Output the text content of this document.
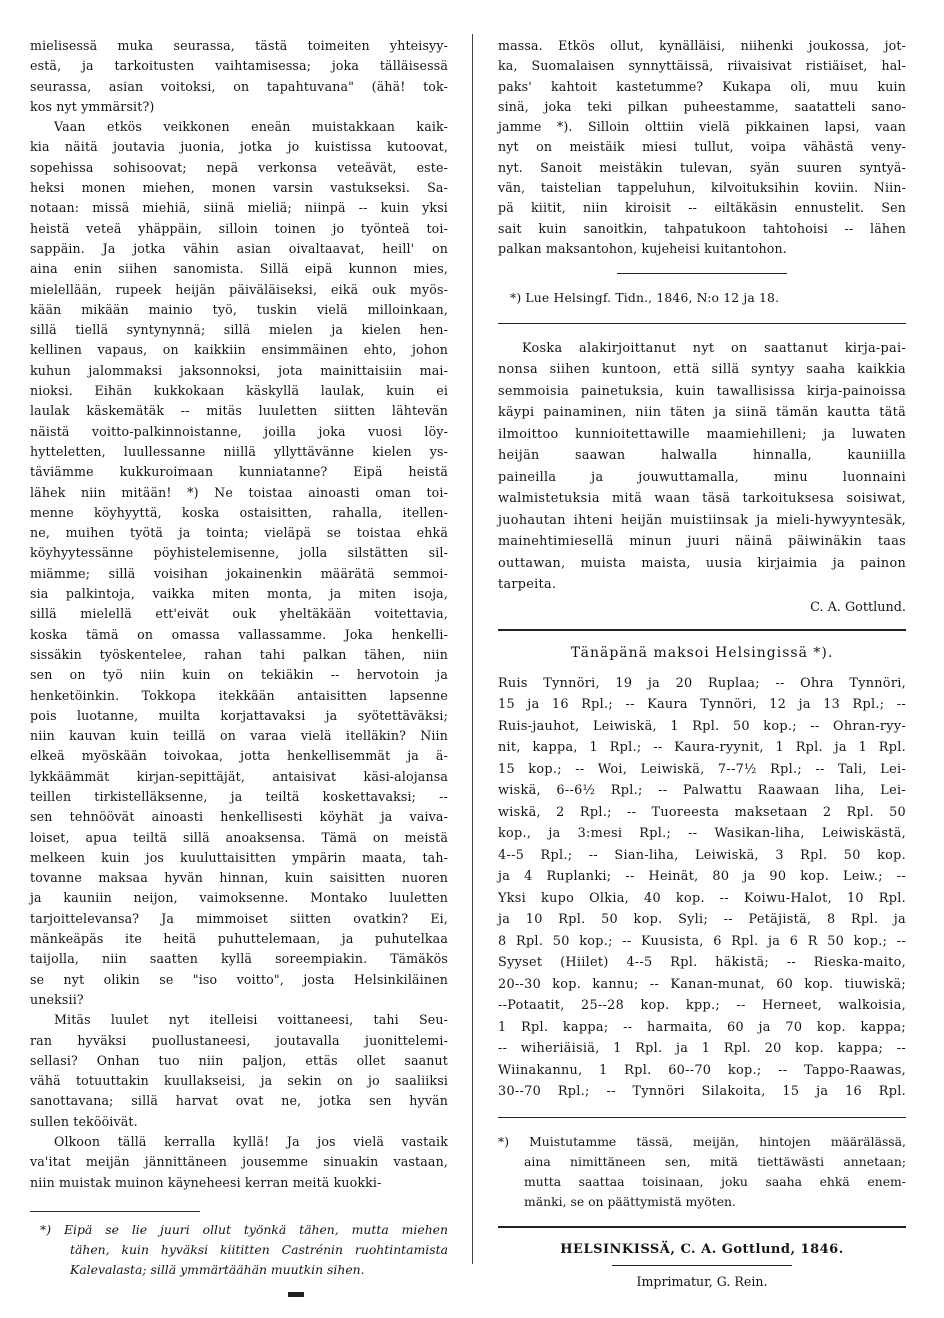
mielisessä muka seurassa, tästä toimeiten yhteisyy-
estä, ja tarkoitusten vaihtamisessa; joka tälläisessä
seurassa, asian voitoksi, on tapahtuvana" (ähä! tok-
kos nyt ymmärsit?)
Vaan etkös veikkonen eneän muistakkaan kaik-
kia näitä joutavia juonia, jotka jo kuistissa kutoovat,
sopehissa sohisoovat; nepä verkonsa veteävät, este-
heksi monen miehen, monen varsin vastukseksi. Sa-
notaan: missä miehiä, siinä mieliä; niinpä -- kuin yksi
heistä veteä yhäppäin, silloin toinen jo työnteä toi-
sappäin. Ja jotka vähin asian oivaltaavat, heill' on
aina enin siihen sanomista. Sillä eipä kunnon mies,
mielellään, rupeek heijän päiväläiseksi, eikä ouk myös-
kään mikään mainio työ, tuskin vielä milloinkaan,
sillä tiellä syntynynnä; sillä mielen ja kielen hen-
kellinen vapaus, on kaikkiin ensimmäinen ehto, johon
kuhun jalommaksi jaksonnoksi, jota mainittaisiin mai-
nioksi. Eihän kukkokaan käskyllä laulak, kuin ei
laulak käskemätäk -- mitäs luuletten siitten lähtevän
näistä voitto-palkinnoistanne, joilla joka vuosi löy-
hytteletten, luullessanne niillä yllyttävänne kielen ys-
täviämme kukkuroimaan kunniatanne? Eipä heistä
lähek niin mitään! *) Ne toistaa ainoasti oman toi-
menne köyhyyttä, koska ostaisitten, rahalla, itellen-
ne, muihen työtä ja tointa; vieläpä se toistaa ehkä
köyhyytessänne pöyhistelemisenne, jolla silstätten sil-
miämme; sillä voisihan jokainenkin määrätä semmoi-
sia palkintoja, vaikka miten monta, ja miten isoja,
sillä mielellä ett'eivät ouk yheltäkään voitettavia,
koska tämä on omassa vallassamme. Joka henkelli-
sissäkin työskentelee, rahan tahi palkan tähen, niin
sen on työ niin kuin on tekiäkin -- hervotoin ja
henketöinkin. Tokkopa itekkään antaisitten lapsenne
pois luotanne, muilta korjattavaksi ja syötettäväksi;
niin kauvan kuin teillä on varaa vielä itelläkin? Niin
elkeä myöskään toivokaa, jotta henkellisemmät ja ä-
lykkäämmät kirjan-sepittäjät, antaisivat käsi-alojansa
teillen tirkistelläksenne, ja teiltä koskettavaksi; --
sen tehnöövät ainoasti henkellisesti köyhät ja vaiva-
loiset, apua teiltä sillä anoaksensa. Tämä on meistä
melkeen kuin jos kuuluttaisitten ympärin maata, tah-
tovanne maksaa hyvän hinnan, kuin saisitten nuoren
ja kauniin neijon, vaimoksenne. Montako luuletten
tarjoittelevansa? Ja mimmoiset siitten ovatkin? Ei,
mänkeäpäs ite heitä puhuttelemaan, ja puhutelkaa
taijolla, niin saatten kyllä soreempiakin. Tämäkös
se nyt olikin se "iso voitto", josta Helsinkiläinen
uneksii?
Mitäs luulet nyt itelleisi voittaneesi, tahi Seu-
ran hyväksi puollustaneesi, joutavalla juonittelemi-
sellasi? Onhan tuo niin paljon, ettäs ollet saanut
vähä totuuttakin kuullakseisi, ja sekin on jo saaliiksi
sanottavana; sillä harvat ovat ne, jotka sen hyvän
sullen tekööivät.
Olkoon tällä kerralla kyllä! Ja jos vielä vastaik
va'itat meijän jännittäneen jousemme sinuakin vastaan,
niin muistak muinon käyneheesi kerran meitä kuokki-
*) Eipä se lie juuri ollut työnkä tähen, mutta miehen
tähen, kuin hyväksi kiititten Castrénin ruohtintamista
Kalevalasta; sillä ymmärtäähän muutkin sihen.
massa. Etkös ollut, kynälläisi, niihenki joukossa, jot-
ka, Suomalaisen synnyttäissä, riivaisivat ristiäiset, hal-
paks' kahtoit kastetumme? Kukapa oli, muu kuin
sinä, joka teki pilkan puheestamme, saatatteli sano-
jamme *). Silloin olttiin vielä pikkainen lapsi, vaan
nyt on meistäik miesi tullut, voipa vähästä veny-
nyt. Sanoit meistäkin tulevan, syän suuren syntyä-
vän, taistelian tappeluhun, kilvoituksihin koviin. Niin-
pä kiitit, niin kiroisit -- eiltäkäsin ennustelit. Sen
sait kuin sanoitkin, tahpatukoon tahtohoisi -- lähen
palkan maksantohon, kujeheisi kuitantohon.
*) Lue Helsingf. Tidn., 1846, N:o 12 ja 18.
Koska alakirjoittanut nyt on saattanut kirja-pai-
nonsa siihen kuntoon, että sillä syntyy saaha kaikkia
semmoisia painetuksia, kuin tawallisissa kirja-painoissa
käypi painaminen, niin täten ja siinä tämän kautta tätä
ilmoittoo kunnioitettawille maamiehilleni; ja luwaten
heijän saawan halwalla hinnalla, kauniilla
paineilla ja jouwuttamalla, minu luonnaini
walmistetuksia mitä waan täsä tarkoituksesa soisiwat,
juohautan ihteni heijän muistiinsak ja mieli-hywyyntesäk,
mainehtimiesellä minun juuri näinä päiwinäkin taas
outtawan, muista maista, uusia kirjaimia ja painon
tarpeita.
C. A. Gottlund.
Tänäpänä maksoi Helsingissä *).
Ruis Tynnöri, 19 ja 20 Ruplaa; -- Ohra Tynnöri,
15 ja 16 Rpl.; -- Kaura Tynnöri, 12 ja 13 Rpl.; --
Ruis-jauhot, Leiwiskä, 1 Rpl. 50 kop.; -- Ohran-ryy-
nit, kappa, 1 Rpl.; -- Kaura-ryynit, 1 Rpl. ja 1 Rpl.
15 kop.; -- Woi, Leiwiskä, 7--7½ Rpl.; -- Tali, Lei-
wiskä, 6--6½ Rpl.; -- Palwattu Raawaan liha, Lei-
wiskä, 2 Rpl.; -- Tuoreesta maksetaan 2 Rpl. 50
kop., ja 3:mesi Rpl.; -- Wasikan-liha, Leiwiskästä,
4--5 Rpl.; -- Sian-liha, Leiwiskä, 3 Rpl. 50 kop.
ja 4 Ruplanki; -- Heinät, 80 ja 90 kop. Leiw.; --
Yksi kupo Olkia, 40 kop. -- Koiwu-Halot, 10 Rpl.
ja 10 Rpl. 50 kop. Syli; -- Petäjistä, 8 Rpl. ja
8 Rpl. 50 kop.; -- Kuusista, 6 Rpl. ja 6 R 50 kop.; --
Syyset (Hiilet) 4--5 Rpl. häkistä; -- Rieska-maito,
20--30 kop. kannu; -- Kanan-munat, 60 kop. tiuwiskä;
--Potaatit, 25--28 kop. kpp.; -- Herneet, walkoisia,
1 Rpl. kappa; -- harmaita, 60 ja 70 kop. kappa;
-- wiheriäisiä, 1 Rpl. ja 1 Rpl. 20 kop. kappa; --
Wiinakannu, 1 Rpl. 60--70 kop.; -- Tappo-Raawas,
30--70 Rpl.; -- Tynnöri Silakoita, 15 ja 16 Rpl.
*) Muistutamme tässä, meijän, hintojen määrälässä,
aina nimittäneen sen, mitä tiettäwästi annetaan;
mutta saattaa toisinaan, joku saaha ehkä enem-
mänki, se on päättymistä myöten.
HELSINKISSÄ, C. A. Gottlund, 1846.
Imprimatur, G. Rein.
